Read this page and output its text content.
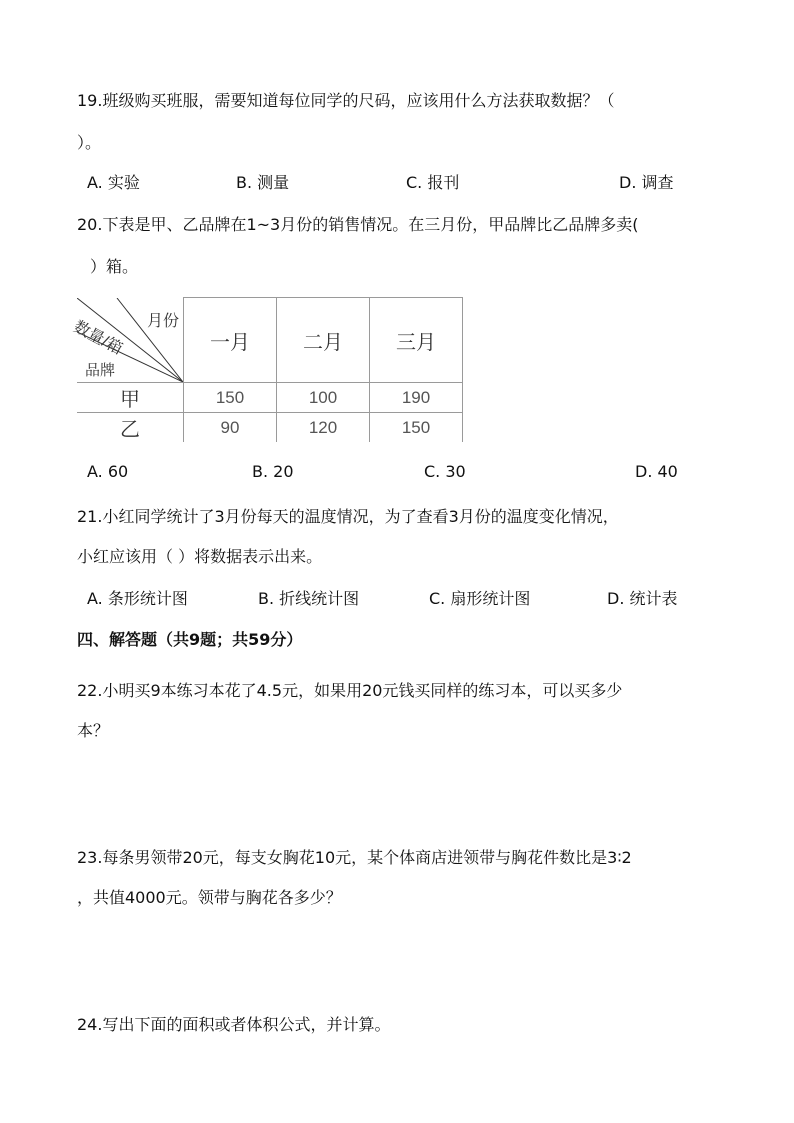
19.班级购买班服，需要知道每位同学的尺码，应该用什么方法获取数据？（
）。
A. 实验	B. 测量	C. 报刊	D. 调查
20.下表是甲、乙品牌在1~3月份的销售情况。在三月份，甲品牌比乙品牌多卖(
）箱。
月份
数量/箱
品牌	一月	二月	三月
甲	150	100	190
乙	90	120	150
A. 60	B. 20	C. 30	D. 40
21.小红同学统计了3月份每天的温度情况，为了查看3月份的温度变化情况，
小红应该用（ ）将数据表示出来。
A. 条形统计图	B. 折线统计图	C. 扇形统计图	D. 统计表
四、解答题（共9题；共59分）
22.小明买9本练习本花了4.5元，如果用20元钱买同样的练习本，可以买多少
本？
23.每条男领带20元，每支女胸花10元，某个体商店进领带与胸花件数比是3∶2
，共值4000元。领带与胸花各多少？
24.写出下面的面积或者体积公式，并计算。
